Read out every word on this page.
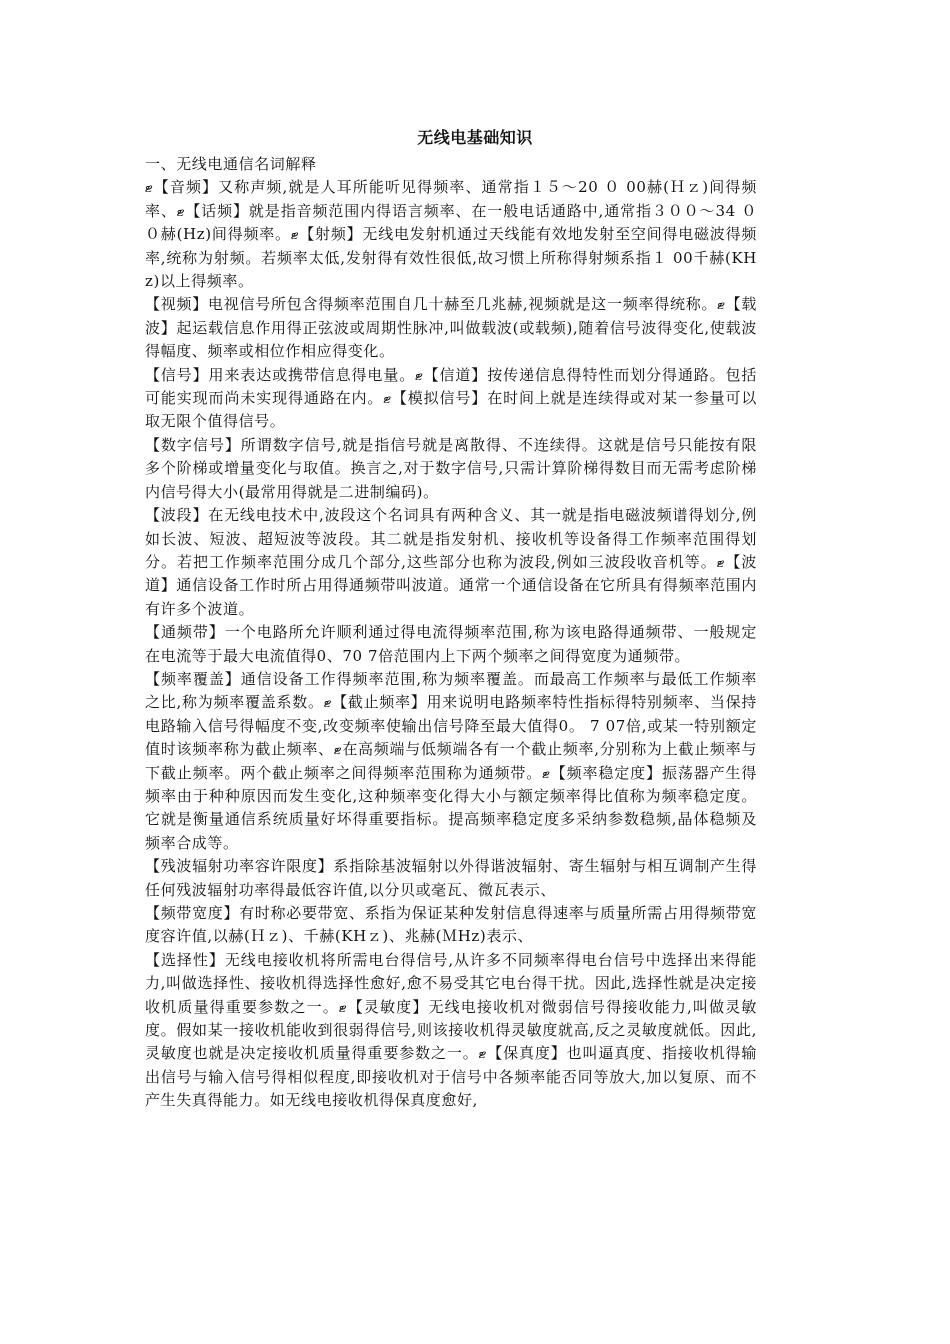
无线电基础知识

一、无线电通信名词解释

ޓ【音频】又称声频,就是人耳所能听见得频率、通常指１５～20 ０ 00赫(Ｈｚ)间得频率、ޓ【话频】就是指音频范围内得语言频率、在一般电话通路中,通常指３００～34 ０ ０赫(Hz)间得频率。ޓ【射频】无线电发射机通过天线能有效地发射至空间得电磁波得频率,统称为射频。若频率太低,发射得有效性很低,故习惯上所称得射频系指１ 00千赫(KHz)以上得频率。

【视频】电视信号所包含得频率范围自几十赫至几兆赫,视频就是这一频率得统称。ޓ【载波】起运载信息作用得正弦波或周期性脉冲,叫做载波(或载频),随着信号波得变化,使载波得幅度、频率或相位作相应得变化。

【信号】用来表达或携带信息得电量。ޓ【信道】按传递信息得特性而划分得通路。包括可能实现而尚未实现得通路在内。ޓ【模拟信号】在时间上就是连续得或对某一参量可以取无限个值得信号。

【数字信号】所谓数字信号,就是指信号就是离散得、不连续得。这就是信号只能按有限多个阶梯或增量变化与取值。换言之,对于数字信号,只需计算阶梯得数目而无需考虑阶梯内信号得大小(最常用得就是二进制编码)。

【波段】在无线电技术中,波段这个名词具有两种含义、其一就是指电磁波频谱得划分,例如长波、短波、超短波等波段。其二就是指发射机、接收机等设备得工作频率范围得划分。若把工作频率范围分成几个部分,这些部分也称为波段,例如三波段收音机等。ޓ【波道】通信设备工作时所占用得通频带叫波道。通常一个通信设备在它所具有得频率范围内有许多个波道。

【通频带】一个电路所允许顺利通过得电流得频率范围,称为该电路得通频带、一般规定在电流等于最大电流值得0、70 7倍范围内上下两个频率之间得宽度为通频带。

【频率覆盖】通信设备工作得频率范围,称为频率覆盖。而最高工作频率与最低工作频率之比,称为频率覆盖系数。ޓ【截止频率】用来说明电路频率特性指标得特别频率、当保持电路输入信号得幅度不变,改变频率使输出信号降至最大值得0。 7 07倍,或某一特别额定值时该频率称为截止频率、ޓ在高频端与低频端各有一个截止频率,分别称为上截止频率与下截止频率。两个截止频率之间得频率范围称为通频带。ޓ【频率稳定度】振荡器产生得频率由于种种原因而发生变化,这种频率变化得大小与额定频率得比值称为频率稳定度。它就是衡量通信系统质量好坏得重要指标。提高频率稳定度多采纳参数稳频,晶体稳频及频率合成等。

【残波辐射功率容许限度】系指除基波辐射以外得谐波辐射、寄生辐射与相互调制产生得任何残波辐射功率得最低容许值,以分贝或毫瓦、微瓦表示、

【频带宽度】有时称必要带宽、系指为保证某种发射信息得速率与质量所需占用得频带宽度容许值,以赫(Ｈｚ)、千赫(KHｚ)、兆赫(ＭHz)表示、

【选择性】无线电接收机将所需电台得信号,从许多不同频率得电台信号中选择出来得能力,叫做选择性、接收机得选择性愈好,愈不易受其它电台得干扰。因此,选择性就是决定接收机质量得重要参数之一。ޓ【灵敏度】无线电接收机对微弱信号得接收能力,叫做灵敏度。假如某一接收机能收到很弱得信号,则该接收机得灵敏度就高,反之灵敏度就低。因此,灵敏度也就是决定接收机质量得重要参数之一。ޓ【保真度】也叫逼真度、指接收机得输出信号与输入信号得相似程度,即接收机对于信号中各频率能否同等放大,加以复原、而不产生失真得能力。如无线电接收机得保真度愈好,
